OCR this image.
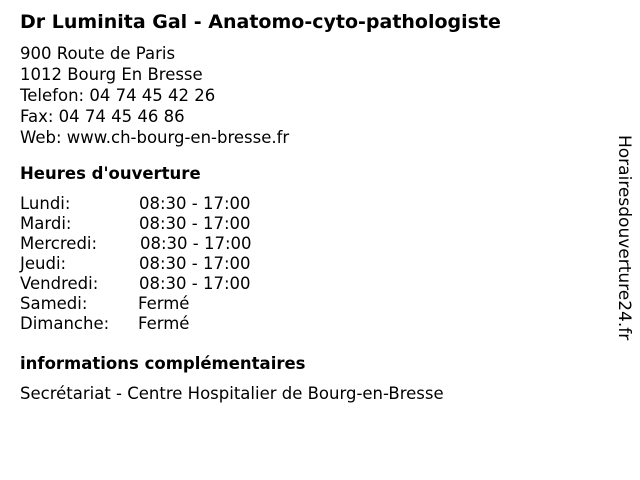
Dr Luminita Gal - Anatomo-cyto-pathologiste
900 Route de Paris
1012 Bourg En Bresse
Telefon: 04 74 45 42 26
Fax: 04 74 45 46 86
Web: www.ch-bourg-en-bresse.fr
Heures d'ouverture
Lundi:	08:30 - 17:00
Mardi:	08:30 - 17:00
Mercredi:	08:30 - 17:00
Jeudi:	08:30 - 17:00
Vendredi: 08:30 - 17:00
Samedi:	Fermé
Dimanche: Fermé
informations complémentaires
Secrétariat - Centre Hospitalier de Bourg-en-Bresse
Horairesdouverture24.fr
